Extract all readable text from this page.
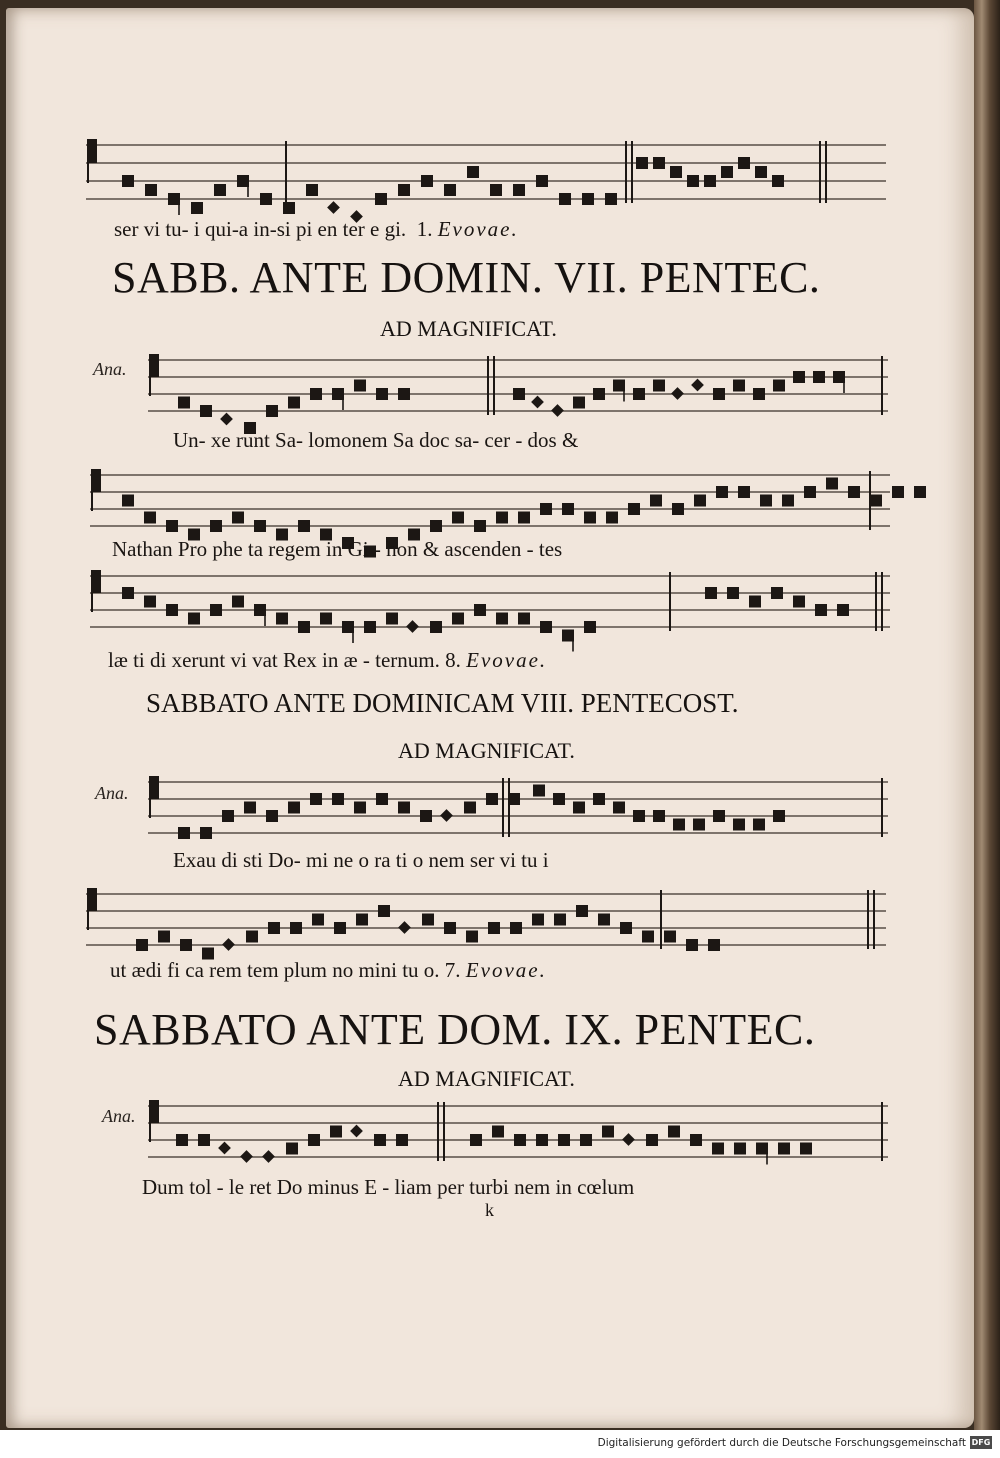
ser vi tu- i qui-a in-si pi en ter e gi. 1. Evovae.
SABB. ANTE DOMIN. VII. PENTEC.
AD MAGNIFICAT.
Ana.
Un- xe runt Sa- lomonem Sa doc sa- cer - dos &
Nathan Pro phe ta regem in Gi - hon & ascenden - tes
læ ti di xerunt vi vat Rex in æ - ternum. 8. Evovae.
SABBATO ANTE DOMINICAM VIII. PENTECOST.
AD MAGNIFICAT.
Ana.
Exau di sti Do- mi ne o ra ti o nem ser vi tu i
ut ædi fi ca rem tem plum no mini tu o. 7. Evovae.
SABBATO ANTE DOM. IX. PENTEC.
AD MAGNIFICAT.
Ana.
Dum tol - le ret Do minus E - liam per turbi nem in cœlum
k
Digitalisierung gefördert durch die Deutsche Forschungsgemeinschaft DFG
